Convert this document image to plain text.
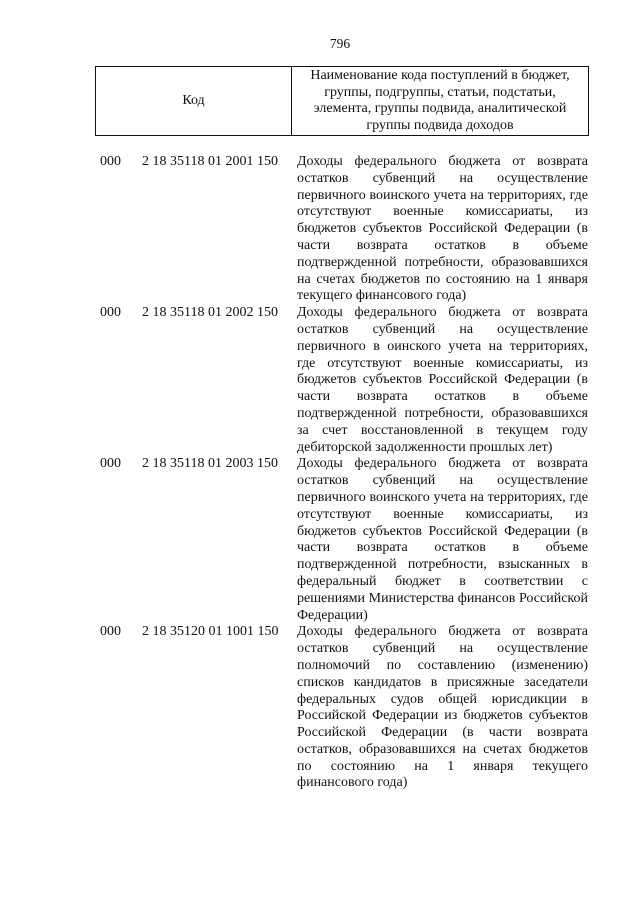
796
Код
Наименование кода поступлений в бюджет, группы, подгруппы, статьи, подстатьи, элемента, группы подвида, аналитической группы подвида доходов
000 2 18 35118 01 2001 150 Доходы федерального бюджета от возврата остатков субвенций на осуществление первичного воинского учета на территориях, где отсутствуют военные комиссариаты, из бюджетов субъектов Российской Федерации (в части возврата остатков в объеме подтвержденной потребности, образовавшихся на счетах бюджетов по состоянию на 1 января текущего финансового года)
000 2 18 35118 01 2002 150 Доходы федерального бюджета от возврата остатков субвенций на осуществление первичного в оинского учета на территориях, где отсутствуют военные комиссариаты, из бюджетов субъектов Российской Федерации (в части возврата остатков в объеме подтвержденной потребности, образовавшихся за счет восстановленной в текущем году дебиторской задолженности прошлых лет)
000 2 18 35118 01 2003 150 Доходы федерального бюджета от возврата остатков субвенций на осуществление первичного воинского учета на территориях, где отсутствуют военные комиссариаты, из бюджетов субъектов Российской Федерации (в части возврата остатков в объеме подтвержденной потребности, взысканных в федеральный бюджет в соответствии с решениями Министерства финансов Российской Федерации)
000 2 18 35120 01 1001 150 Доходы федерального бюджета от возврата остатков субвенций на осуществление полномочий по составлению (изменению) списков кандидатов в присяжные заседатели федеральных судов общей юрисдикции в Российской Федерации из бюджетов субъектов Российской Федерации (в части возврата остатков, образовавшихся на счетах бюджетов по состоянию на 1 января текущего финансового года)
